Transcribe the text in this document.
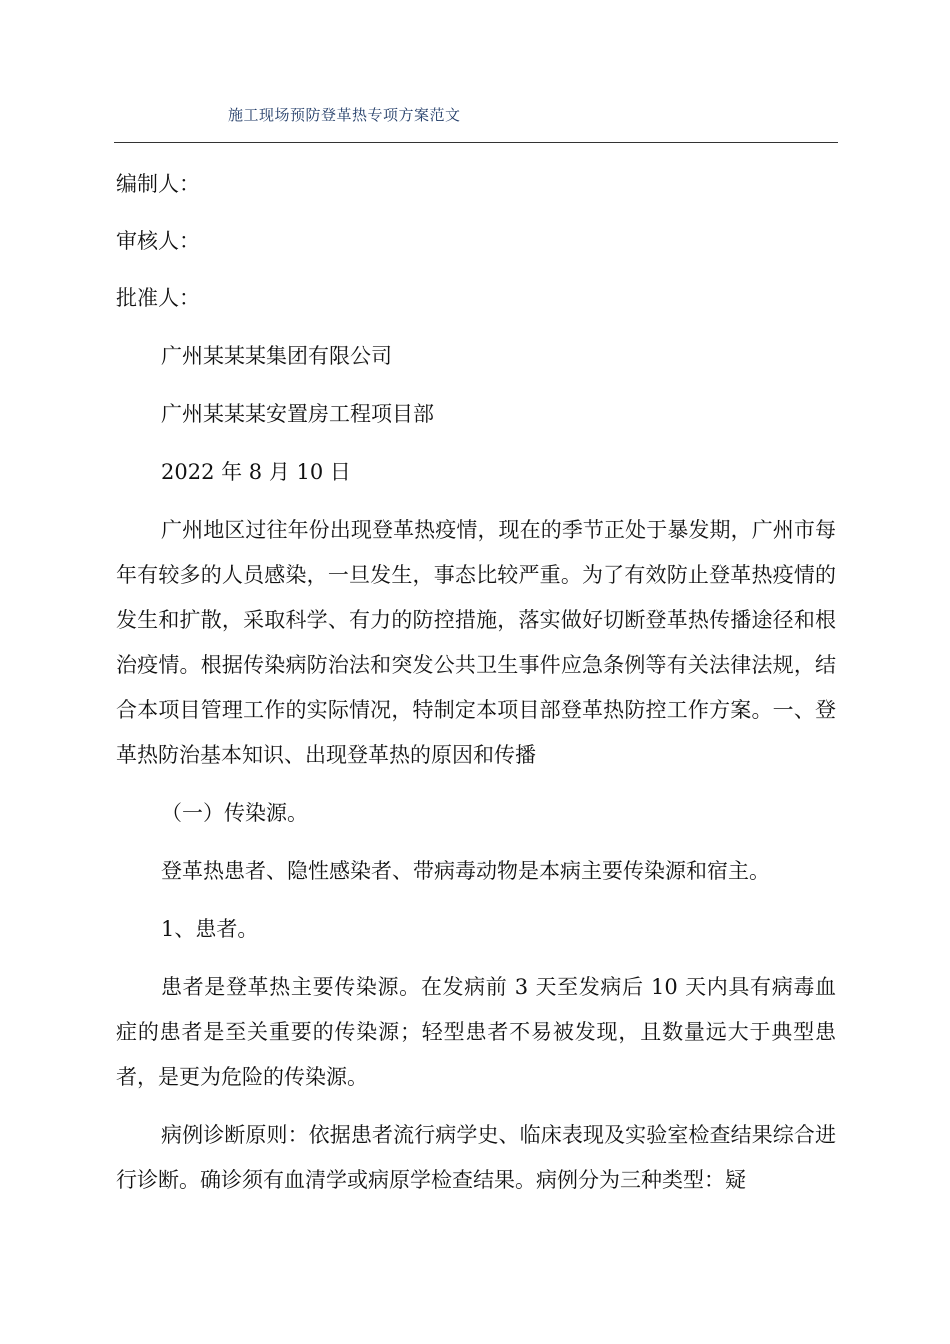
施工现场预防登革热专项方案范文

编制人：

审核人：

批准人：

广州某某某集团有限公司

广州某某某安置房工程项目部

2022 年 8 月 10 日

广州地区过往年份出现登革热疫情，现在的季节正处于暴发期，广州市每年有较多的人员感染，一旦发生，事态比较严重。为了有效防止登革热疫情的发生和扩散，采取科学、有力的防控措施，落实做好切断登革热传播途径和根治疫情。根据传染病防治法和突发公共卫生事件应急条例等有关法律法规，结合本项目管理工作的实际情况，特制定本项目部登革热防控工作方案。一、登革热防治基本知识、出现登革热的原因和传播

（一）传染源。

登革热患者、隐性感染者、带病毒动物是本病主要传染源和宿主。

1、患者。

患者是登革热主要传染源。在发病前 3 天至发病后 10 天内具有病毒血症的患者是至关重要的传染源；轻型患者不易被发现，且数量远大于典型患者，是更为危险的传染源。

病例诊断原则：依据患者流行病学史、临床表现及实验室检查结果综合进行诊断。确诊须有血清学或病原学检查结果。病例分为三种类型：疑
